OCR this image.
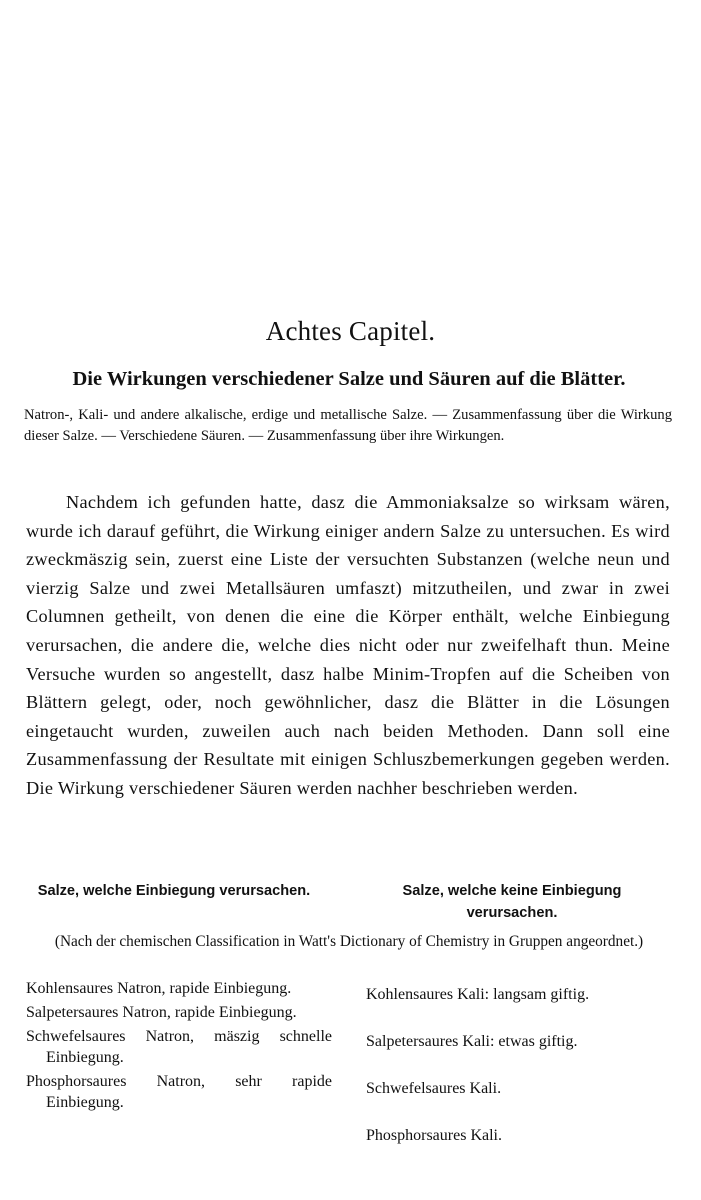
Achtes Capitel.
Die Wirkungen verschiedener Salze und Säuren auf die Blätter.
Natron-, Kali- und andere alkalische, erdige und metallische Salze. — Zusammenfassung über die Wirkung dieser Salze. — Verschiedene Säuren. — Zusammenfassung über ihre Wirkungen.
Nachdem ich gefunden hatte, dasz die Ammoniaksalze so wirksam wären, wurde ich darauf geführt, die Wirkung einiger andern Salze zu untersuchen. Es wird zweckmäszig sein, zuerst eine Liste der versuchten Substanzen (welche neun und vierzig Salze und zwei Metallsäuren umfaszt) mitzutheilen, und zwar in zwei Columnen getheilt, von denen die eine die Körper enthält, welche Einbiegung verursachen, die andere die, welche dies nicht oder nur zweifelhaft thun. Meine Versuche wurden so angestellt, dasz halbe Minim-Tropfen auf die Scheiben von Blättern gelegt, oder, noch gewöhnlicher, dasz die Blätter in die Lösungen eingetaucht wurden, zuweilen auch nach beiden Methoden. Dann soll eine Zusammenfassung der Resultate mit einigen Schluszbemerkungen gegeben werden. Die Wirkung verschiedener Säuren werden nachher beschrieben werden.
Salze, welche Einbiegung verursachen.	Salze, welche keine Einbiegung verursachen.
(Nach der chemischen Classification in Watt's Dictionary of Chemistry in Gruppen angeordnet.)
Kohlensaures Natron, rapide Einbiegung.
Salpetersaures Natron, rapide Einbiegung.
Schwefelsaures Natron, mäszig schnelle Einbiegung.
Phosphorsaures Natron, sehr rapide Einbiegung.
Kohlensaures Kali: langsam giftig.
Salpetersaures Kali: etwas giftig.
Schwefelsaures Kali.
Phosphorsaures Kali.
